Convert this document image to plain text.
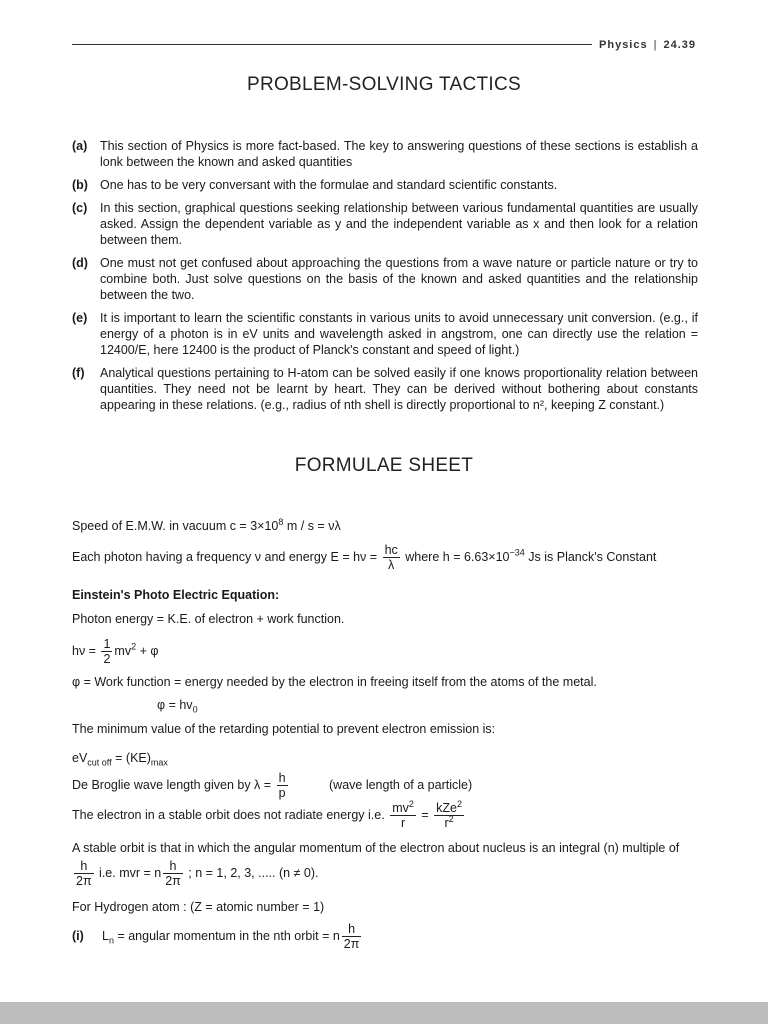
Physics | 24.39
PROBLEM-SOLVING TACTICS
(a)	This section of Physics is more fact-based. The key to answering questions of these sections is establish a lonk between the known and asked quantities
(b) One has to be very conversant with the formulae and standard scientific constants.
(c)	In this section, graphical questions seeking relationship between various fundamental quantities are usually asked. Assign the dependent variable as y and the independent variable as x and then look for a relation between them.
(d) One must not get confused about approaching the questions from a wave nature or particle nature or try to combine both. Just solve questions on the basis of the known and asked quantities and the relationship between the two.
(e)	It is important to learn the scientific constants in various units to avoid unnecessary unit conversion. (e.g., if energy of a photon is in eV units and wavelength asked in angstrom, one can directly use the relation = 12400/E, here 12400 is the product of Planck's constant and speed of light.)
(f)	Analytical questions pertaining to H-atom can be solved easily if one knows proportionality relation between quantities. They need not be learnt by heart. They can be derived without bothering about constants appearing in these relations. (e.g., radius of nth shell is directly proportional to n², keeping Z constant.)
FORMULAE SHEET
Speed of E.M.W. in vacuum $c = 3\times 10^8$ m / s = νλ
Each photon having a frequency ν and energy $E = h\nu = \frac{hc}{\lambda}$ where $h = 6.63\times 10^{-34}$ Js is Planck's Constant
Einstein's Photo Electric Equation:
Photon energy = K.E. of electron + work function.
$h\nu = \frac{1}{2} mv^2 + \varphi$
φ = Work function = energy needed by the electron in freeing itself from the atoms of the metal.
$\varphi = hv_0$
The minimum value of the retarding potential to prevent electron emission is:
$eV_{cut off} = (KE)_{max}$
De Broglie wave length given by $\lambda = \frac{h}{p}$	(wave length of a particle)
The electron in a stable orbit does not radiate energy i.e. $\frac{mv^2}{r} = \frac{kZe^2}{r^2}$
A stable orbit is that in which the angular momentum of the electron about nucleus is an integral (n) multiple of
$\frac{h}{2\pi} i.e$. mvr = n $\frac{h}{2\pi}$ ; n = 1, 2, 3, ..... (n ≠ 0).
For Hydrogen atom : (Z = atomic number = 1)
(i) $L_n$ = angular momentum in the nth orbit = n $\frac{h}{2\pi}$
